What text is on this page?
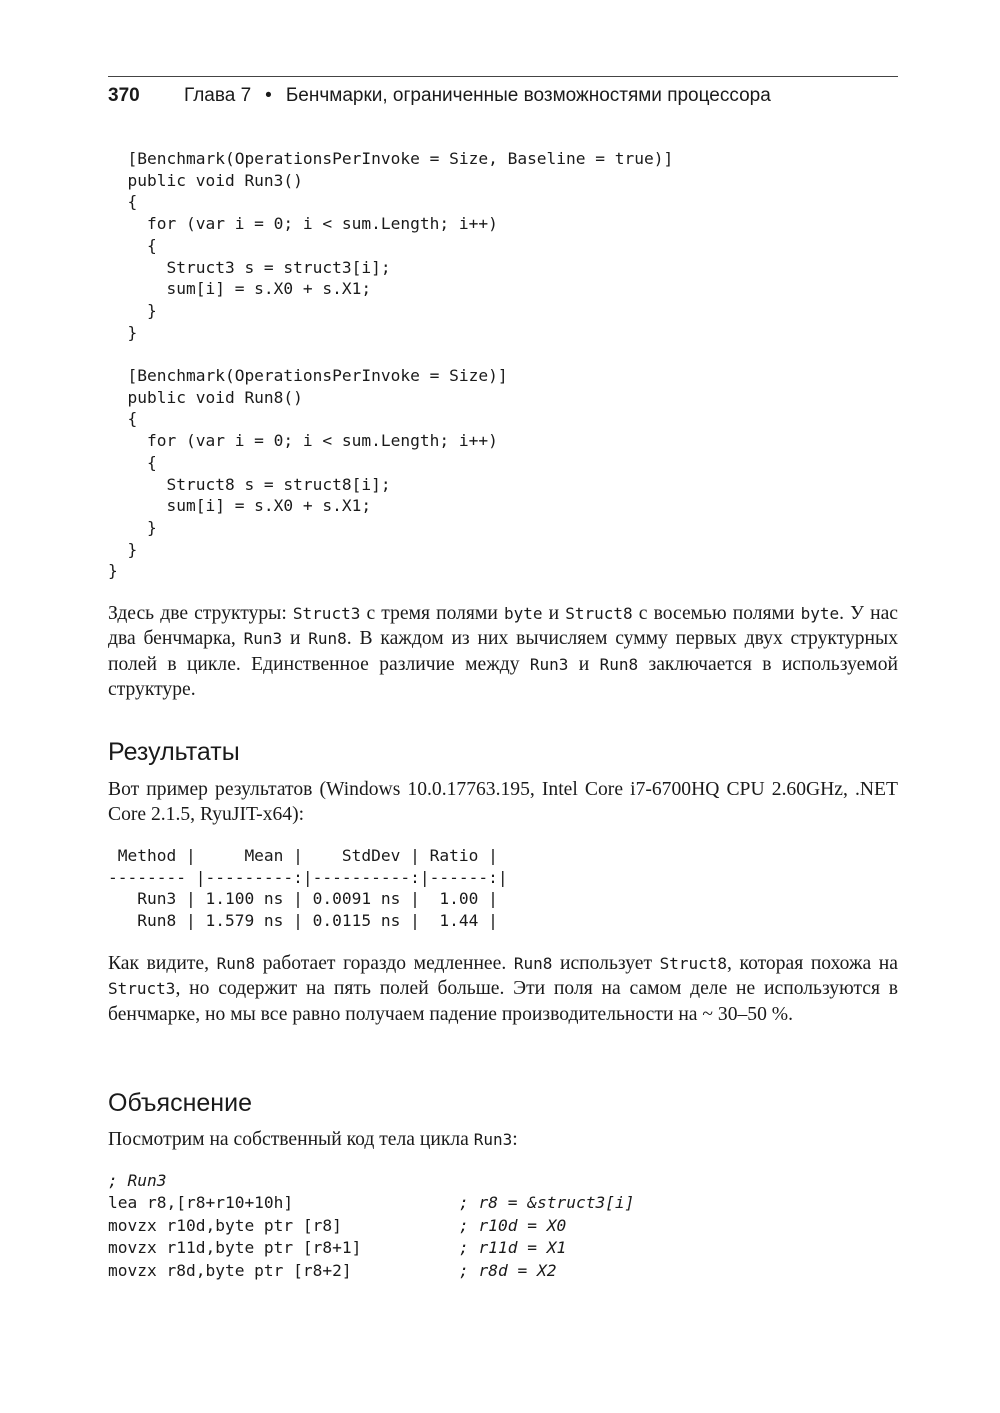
370	Глава 7 • Бенчмарки, ограниченные возможностями процессора
[Benchmark(OperationsPerInvoke = Size, Baseline = true)]
public void Run3()
{
for (var i = 0; i < sum.Length; i++)
{
Struct3 s = struct3[i];
sum[i] = s.X0 + s.X1;
}
}

[Benchmark(OperationsPerInvoke = Size)]
public void Run8()
{
for (var i = 0; i < sum.Length; i++)
{
Struct8 s = struct8[i];
sum[i] = s.X0 + s.X1;
}
}
}

Здесь две структуры: Struct3 с тремя полями byte и Struct8 с восемью полями byte. У нас два бенчмарка, Run3 и Run8. В каждом из них вычисляем сумму первых двух структурных полей в цикле. Единственное различие между Run3 и Run8 заключается в используемой структуре.

Результаты

Вот пример результатов (Windows 10.0.17763.195, Intel Core i7-6700HQ CPU 2.60GHz, .NET Core 2.1.5, RyuJIT-x64):

Method |     Mean |    StdDev | Ratio |
-------- |---------:|----------:|------:|
Run3 | 1.100 ns | 0.0091 ns |  1.00 |
Run8 | 1.579 ns | 0.0115 ns |  1.44 |

Как видите, Run8 работает гораздо медленнее. Run8 использует Struct8, которая похожа на Struct3, но содержит на пять полей больше. Эти поля на самом деле не используются в бенчмарке, но мы все равно получаем падение производительности на ~ 30–50 %.

Объяснение

Посмотрим на собственный код тела цикла Run3:

; Run3
lea r8,[r8+r10+10h]	; r8 = &struct3[i]
movzx r10d,byte ptr [r8]	; r10d = X0
movzx r11d,byte ptr [r8+1]	; r11d = X1
movzx r8d,byte ptr [r8+2]	; r8d = X2
